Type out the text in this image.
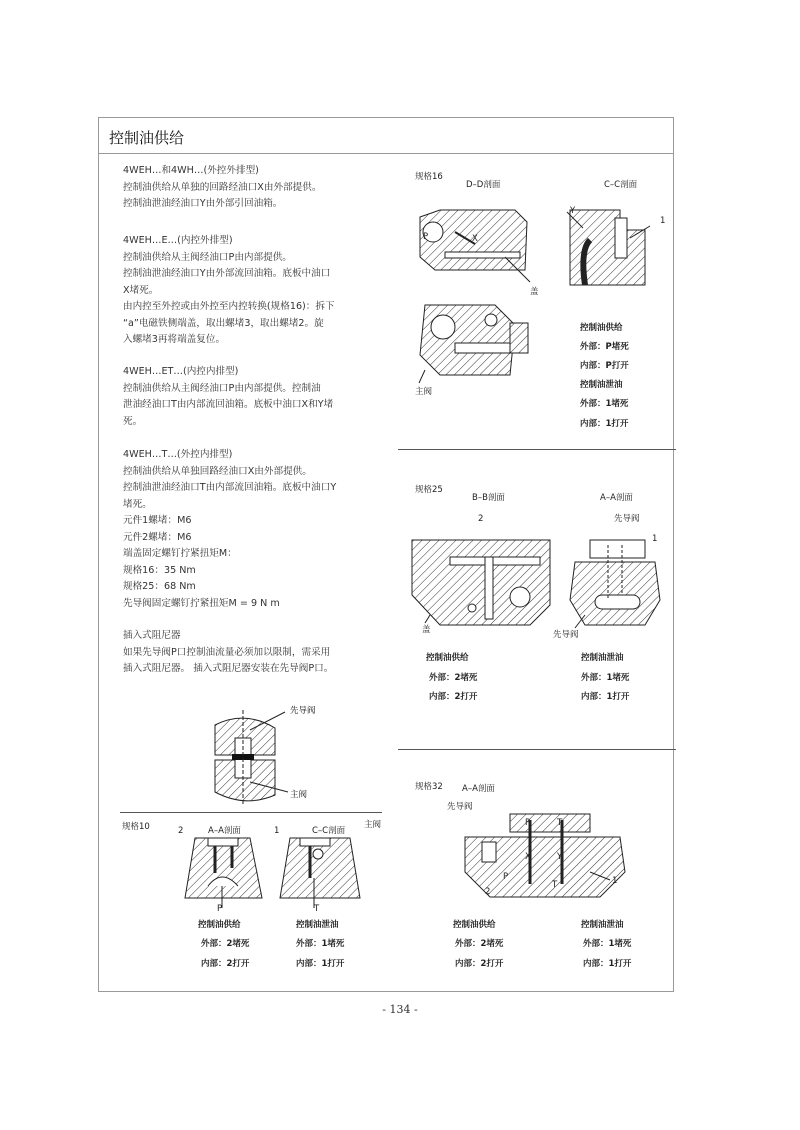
控制油供给
4WEH…和4WH…(外控外排型)
控制油供给从单独的回路经油口X由外部提供。
控制油泄油经油口Y由外部引回油箱。
4WEH…E…(内控外排型)
控制油供给从主阀经油口P由内部提供。
控制油泄油经油口Y由外部流回油箱。底板中油口
X堵死。
由内控至外控或由外控至内控转换(规格16)：拆下
“a”电磁铁侧端盖，取出螺堵3，取出螺堵2。旋
入螺堵3再将端盖复位。
4WEH…ET…(内控内排型)
控制油供给从主阀经油口P由内部提供。控制油
泄油经油口T由内部流回油箱。底板中油口X和Y堵
死。
4WEH…T…(外控内排型)
控制油供给从单独回路经油口X由外部提供。
控制油泄油经油口T由内部流回油箱。底板中油口Y
堵死。
元件1螺堵：M6
元件2螺堵：M6
端盖固定螺钉拧紧扭矩M：
规格16：35 Nm
规格25：68 Nm
先导阀固定螺钉拧紧扭矩M = 9 N m
插入式阻尼器
如果先导阀P口控制油流量必须加以限制，需采用
插入式阻尼器。 插入式阻尼器安装在先导阀P口。
先导阀
主阀
规格10	A–A剖面	C–C剖面
主阀
2	1
P	T
控制油供给
外部：2堵死
内部：2打开
控制油泄油
外部：1堵死
内部：1打开
规格16
D–D剖面	C–C剖面
P	X
盖
主阀
Y
1
控制油供给
外部：P堵死
内部：P打开
控制油泄油
外部：1堵死
内部：1打开
规格25
B–B剖面	A–A剖面
2	先导阀
1
盖	先导阀
控制油供给
外部：2堵死
内部：2打开
控制油泄油
外部：1堵死
内部：1打开
规格32 A–A剖面
先导阀
P	T
X	Y
P
T
2
1
控制油供给
外部：2堵死
内部：2打开
控制油泄油
外部：1堵死
内部：1打开
- 134 -
